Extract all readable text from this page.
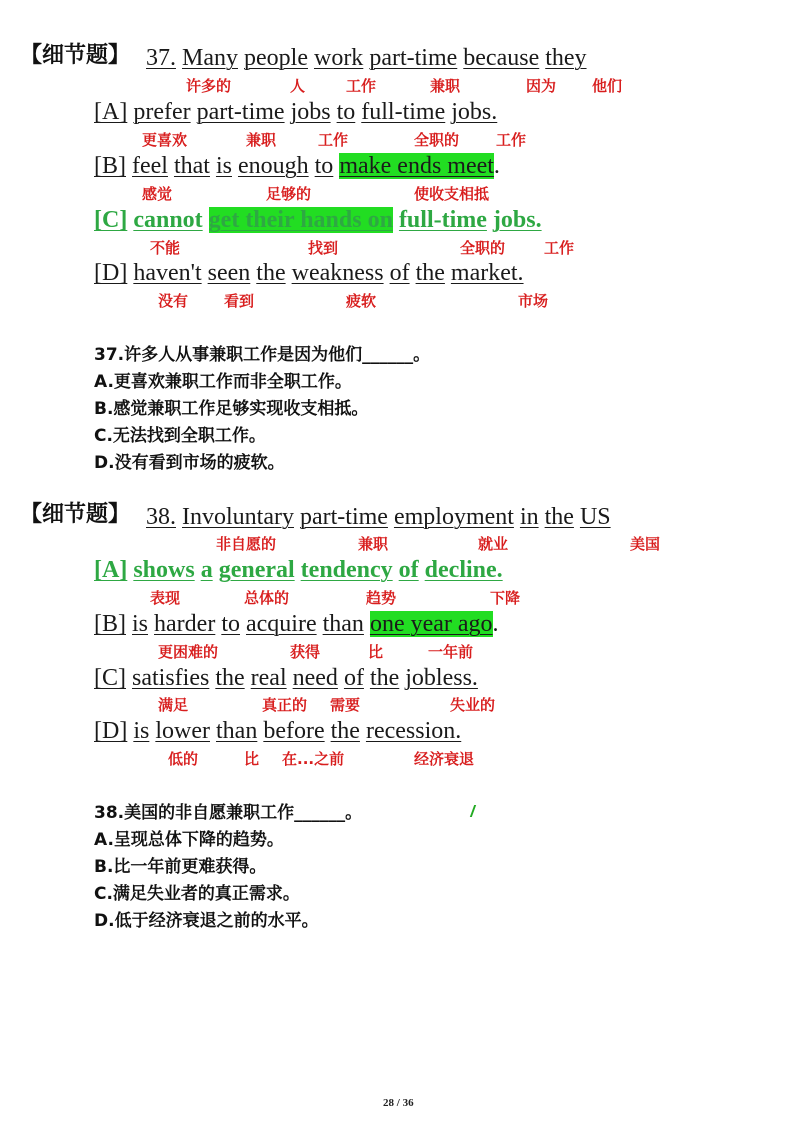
【细节题】 37. Many people work part-time because they
许多的	人	工作	兼职	因为 他们
[A] prefer part-time jobs to full-time jobs.
更喜欢	兼职	工作	全职的 工作
[B] feel that is enough to make ends meet.
感觉	足够的	使收支相抵
[C] cannot get their hands on full-time jobs.
不能	找到	全职的	工作
[D] haven't seen the weakness of the market.
没有 看到	疲软	市场
37.许多人从事兼职工作是因为他们______。
A.更喜欢兼职工作而非全职工作。
B.感觉兼职工作足够实现收支相抵。
C.无法找到全职工作。
D.没有看到市场的疲软。
【细节题】 38. Involuntary part-time employment in the US
非自愿的	兼职	就业	美国
[A] shows a general tendency of decline.
表现	总体的	趋势	下降
[B] is harder to acquire than one year ago.
更困难的	获得	比	一年前
[C] satisfies the real need of the jobless.
满足	真正的 需要	失业的
[D] is lower than before the recession.
低的	比 在...之前	经济衰退
38.美国的非自愿兼职工作______。
A.呈现总体下降的趋势。
B.比一年前更难获得。
C.满足失业者的真正需求。
D.低于经济衰退之前的水平。
28 / 36
